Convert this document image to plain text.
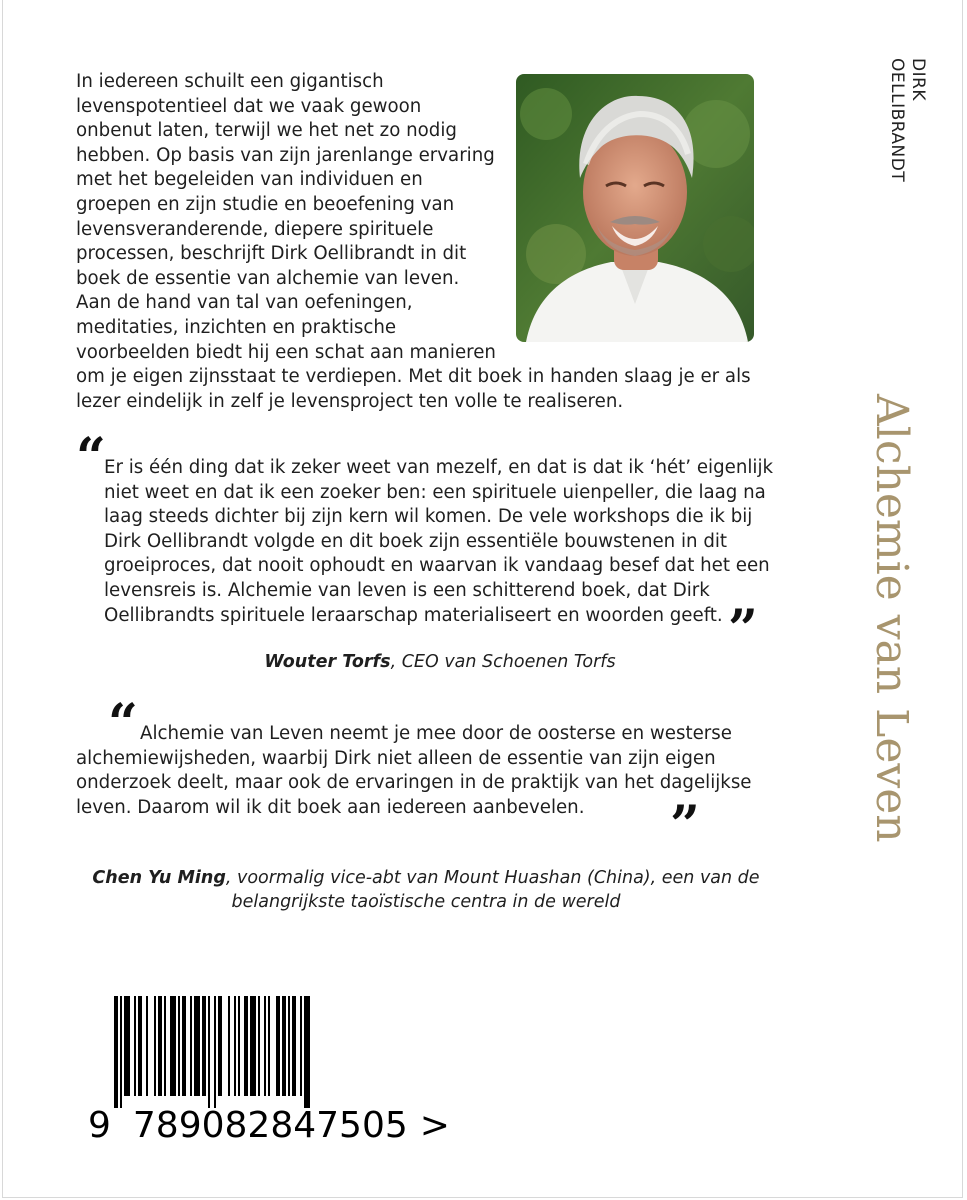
In iedereen schuilt een gigantisch levenspotentieel dat we vaak gewoon onbenut laten, terwijl we het net zo nodig hebben. Op basis van zijn jarenlange ervaring met het begeleiden van individuen en groepen en zijn studie en beoefening van levensveranderende, diepere spirituele processen, beschrijft Dirk Oellibrandt in dit boek de essentie van alchemie van leven. Aan de hand van tal van oefeningen, meditaties, inzichten en praktische voorbeelden biedt hij een schat aan manieren om je eigen zijnsstaat te verdiepen. Met dit boek in handen slaag je er als lezer eindelijk in zelf je levensproject ten volle te realiseren.
“

Er is één ding dat ik zeker weet van mezelf, en dat is dat ik ‘hét’ eigenlijk niet weet en dat ik een zoeker ben: een spirituele uienpeller, die laag na laag steeds dichter bij zijn kern wil komen. De vele workshops die ik bij Dirk Oellibrandt volgde en dit boek zijn essentiële bouwstenen in dit groeiproces, dat nooit ophoudt en waarvan ik vandaag besef dat het een levensreis is. Alchemie van leven is een schitterend boek, dat Dirk Oellibrandts spirituele leraarschap materialiseert en woorden geeft. ”
Wouter Torfs, CEO van Schoenen Torfs
“ Alchemie van Leven neemt je mee door de oosterse en westerse alchemiewijsheden, waarbij Dirk niet alleen de essentie van zijn eigen onderzoek deelt, maar ook de ervaringen in de praktijk van het dagelijkse leven. Daarom wil ik dit boek aan iedereen aanbevelen.	”
Chen Yu Ming, voormalig vice-abt van Mount Huashan (China), een van de belangrijkste taoïstische centra in de wereld
DIRK
OELLIBRANDT
Alchemie van Leven
9 789082847505 >
